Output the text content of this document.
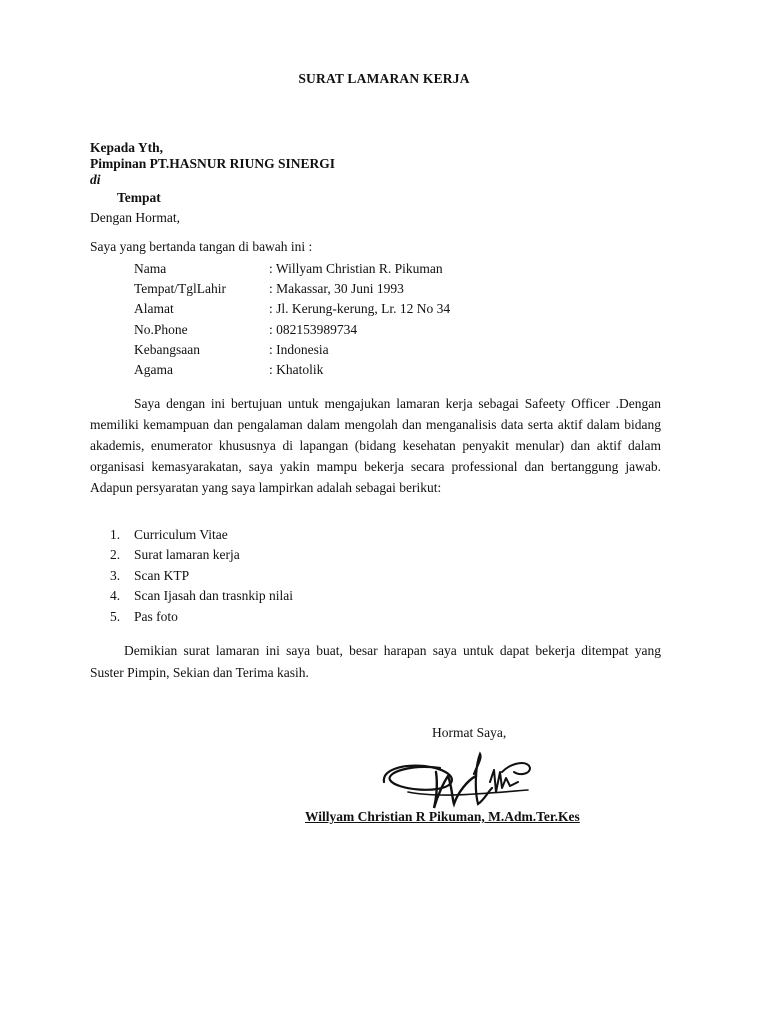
SURAT LAMARAN KERJA
Kepada Yth,
Pimpinan PT.HASNUR RIUNG SINERGI
di
Tempat
Dengan Hormat,
Saya yang bertanda tangan di bawah ini :
Nama	: Willyam Christian R. Pikuman
Tempat/TglLahir	: Makassar, 30 Juni 1993
Alamat	: Jl. Kerung-kerung, Lr. 12 No 34
No.Phone	: 082153989734
Kebangsaan	: Indonesia
Agama	: Khatolik
Saya dengan ini bertujuan untuk mengajukan lamaran kerja sebagai Safeety Officer .Dengan memiliki kemampuan dan pengalaman dalam mengolah dan menganalisis data serta aktif dalam bidang akademis, enumerator khususnya di lapangan (bidang kesehatan penyakit menular) dan aktif dalam organisasi kemasyarakatan, saya yakin mampu bekerja secara professional dan bertanggung jawab. Adapun persyaratan yang saya lampirkan adalah sebagai berikut:
1. Curriculum Vitae
2. Surat lamaran kerja
3. Scan KTP
4. Scan Ijasah dan trasnkip nilai
5. Pas foto
Demikian surat lamaran ini saya buat, besar harapan saya untuk dapat bekerja ditempat yang Suster Pimpin, Sekian dan Terima kasih.
Hormat Saya,
Willyam Christian R Pikuman, M.Adm.Ter.Kes
